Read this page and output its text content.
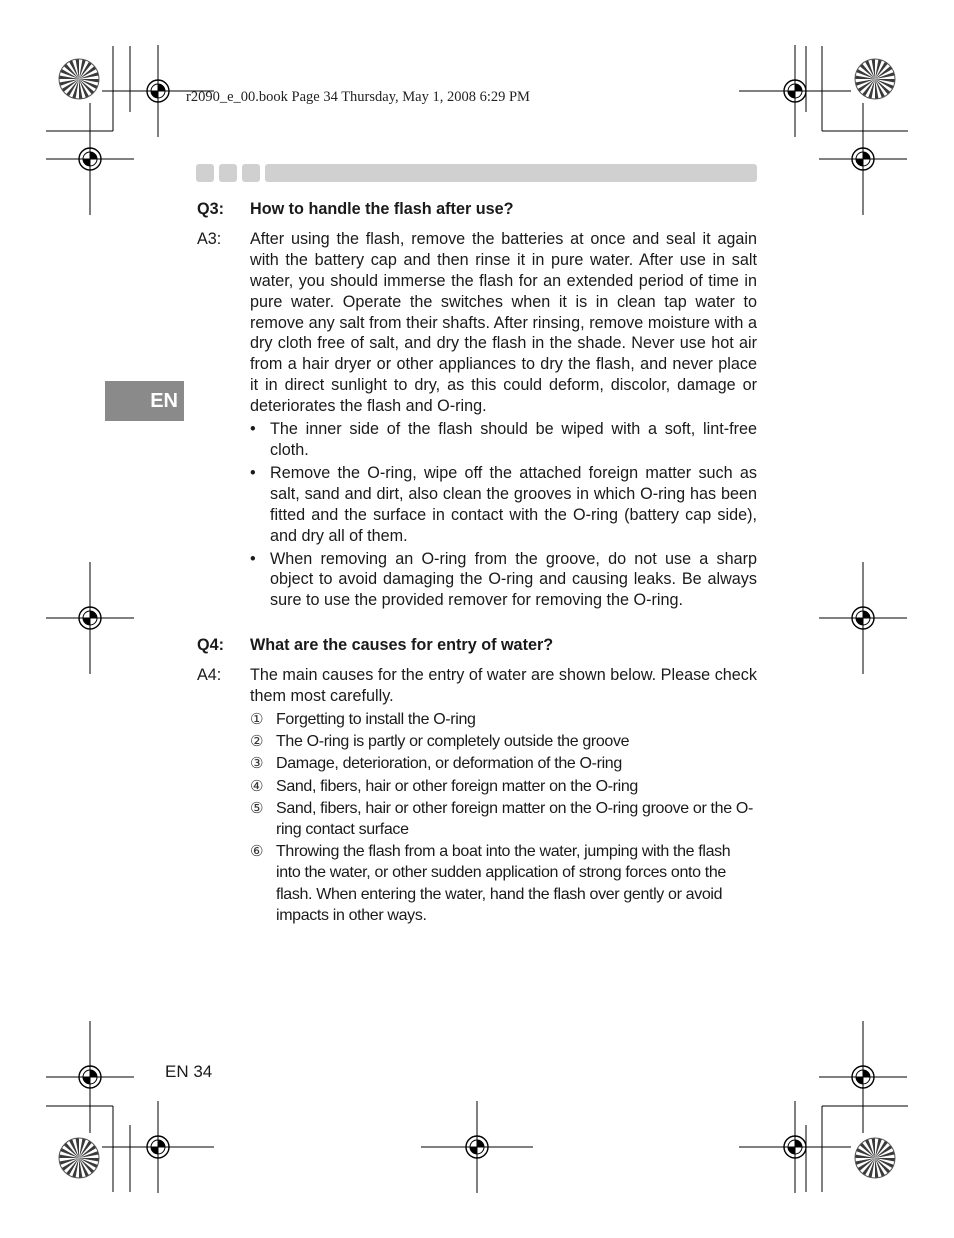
r2090_e_00.book Page 34 Thursday, May 1, 2008 6:29 PM
EN
Q3:	How to handle the flash after use?
A3:	After using the flash, remove the batteries at once and seal it again with the battery cap and then rinse it in pure water. After use in salt water, you should immerse the flash for an extended period of time in pure water. Operate the switches when it is in clean tap water to remove any salt from their shafts. After rinsing, remove moisture with a dry cloth free of salt, and dry the flash in the shade. Never use hot air from a hair dryer or other appliances to dry the flash, and never place it in direct sunlight to dry, as this could deform, discolor, damage or deteriorates the flash and O-ring.
• The inner side of the flash should be wiped with a soft, lint-free cloth.
• Remove the O-ring, wipe off the attached foreign matter such as salt, sand and dirt, also clean the grooves in which O-ring has been fitted and the surface in contact with the O-ring (battery cap side), and dry all of them.
• When removing an O-ring from the groove, do not use a sharp object to avoid damaging the O-ring and causing leaks. Be always sure to use the provided remover for removing the O-ring.
Q4:	What are the causes for entry of water?
A4:	The main causes for the entry of water are shown below. Please check them most carefully.
① Forgetting to install the O-ring
② The O-ring is partly or completely outside the groove
③ Damage, deterioration, or deformation of the O-ring
④ Sand, fibers, hair or other foreign matter on the O-ring
⑤ Sand, fibers, hair or other foreign matter on the O-ring groove or the O-ring contact surface
⑥ Throwing the flash from a boat into the water, jumping with the flash into the water, or other sudden application of strong forces onto the flash. When entering the water, hand the flash over gently or avoid impacts in other ways.
EN 34
